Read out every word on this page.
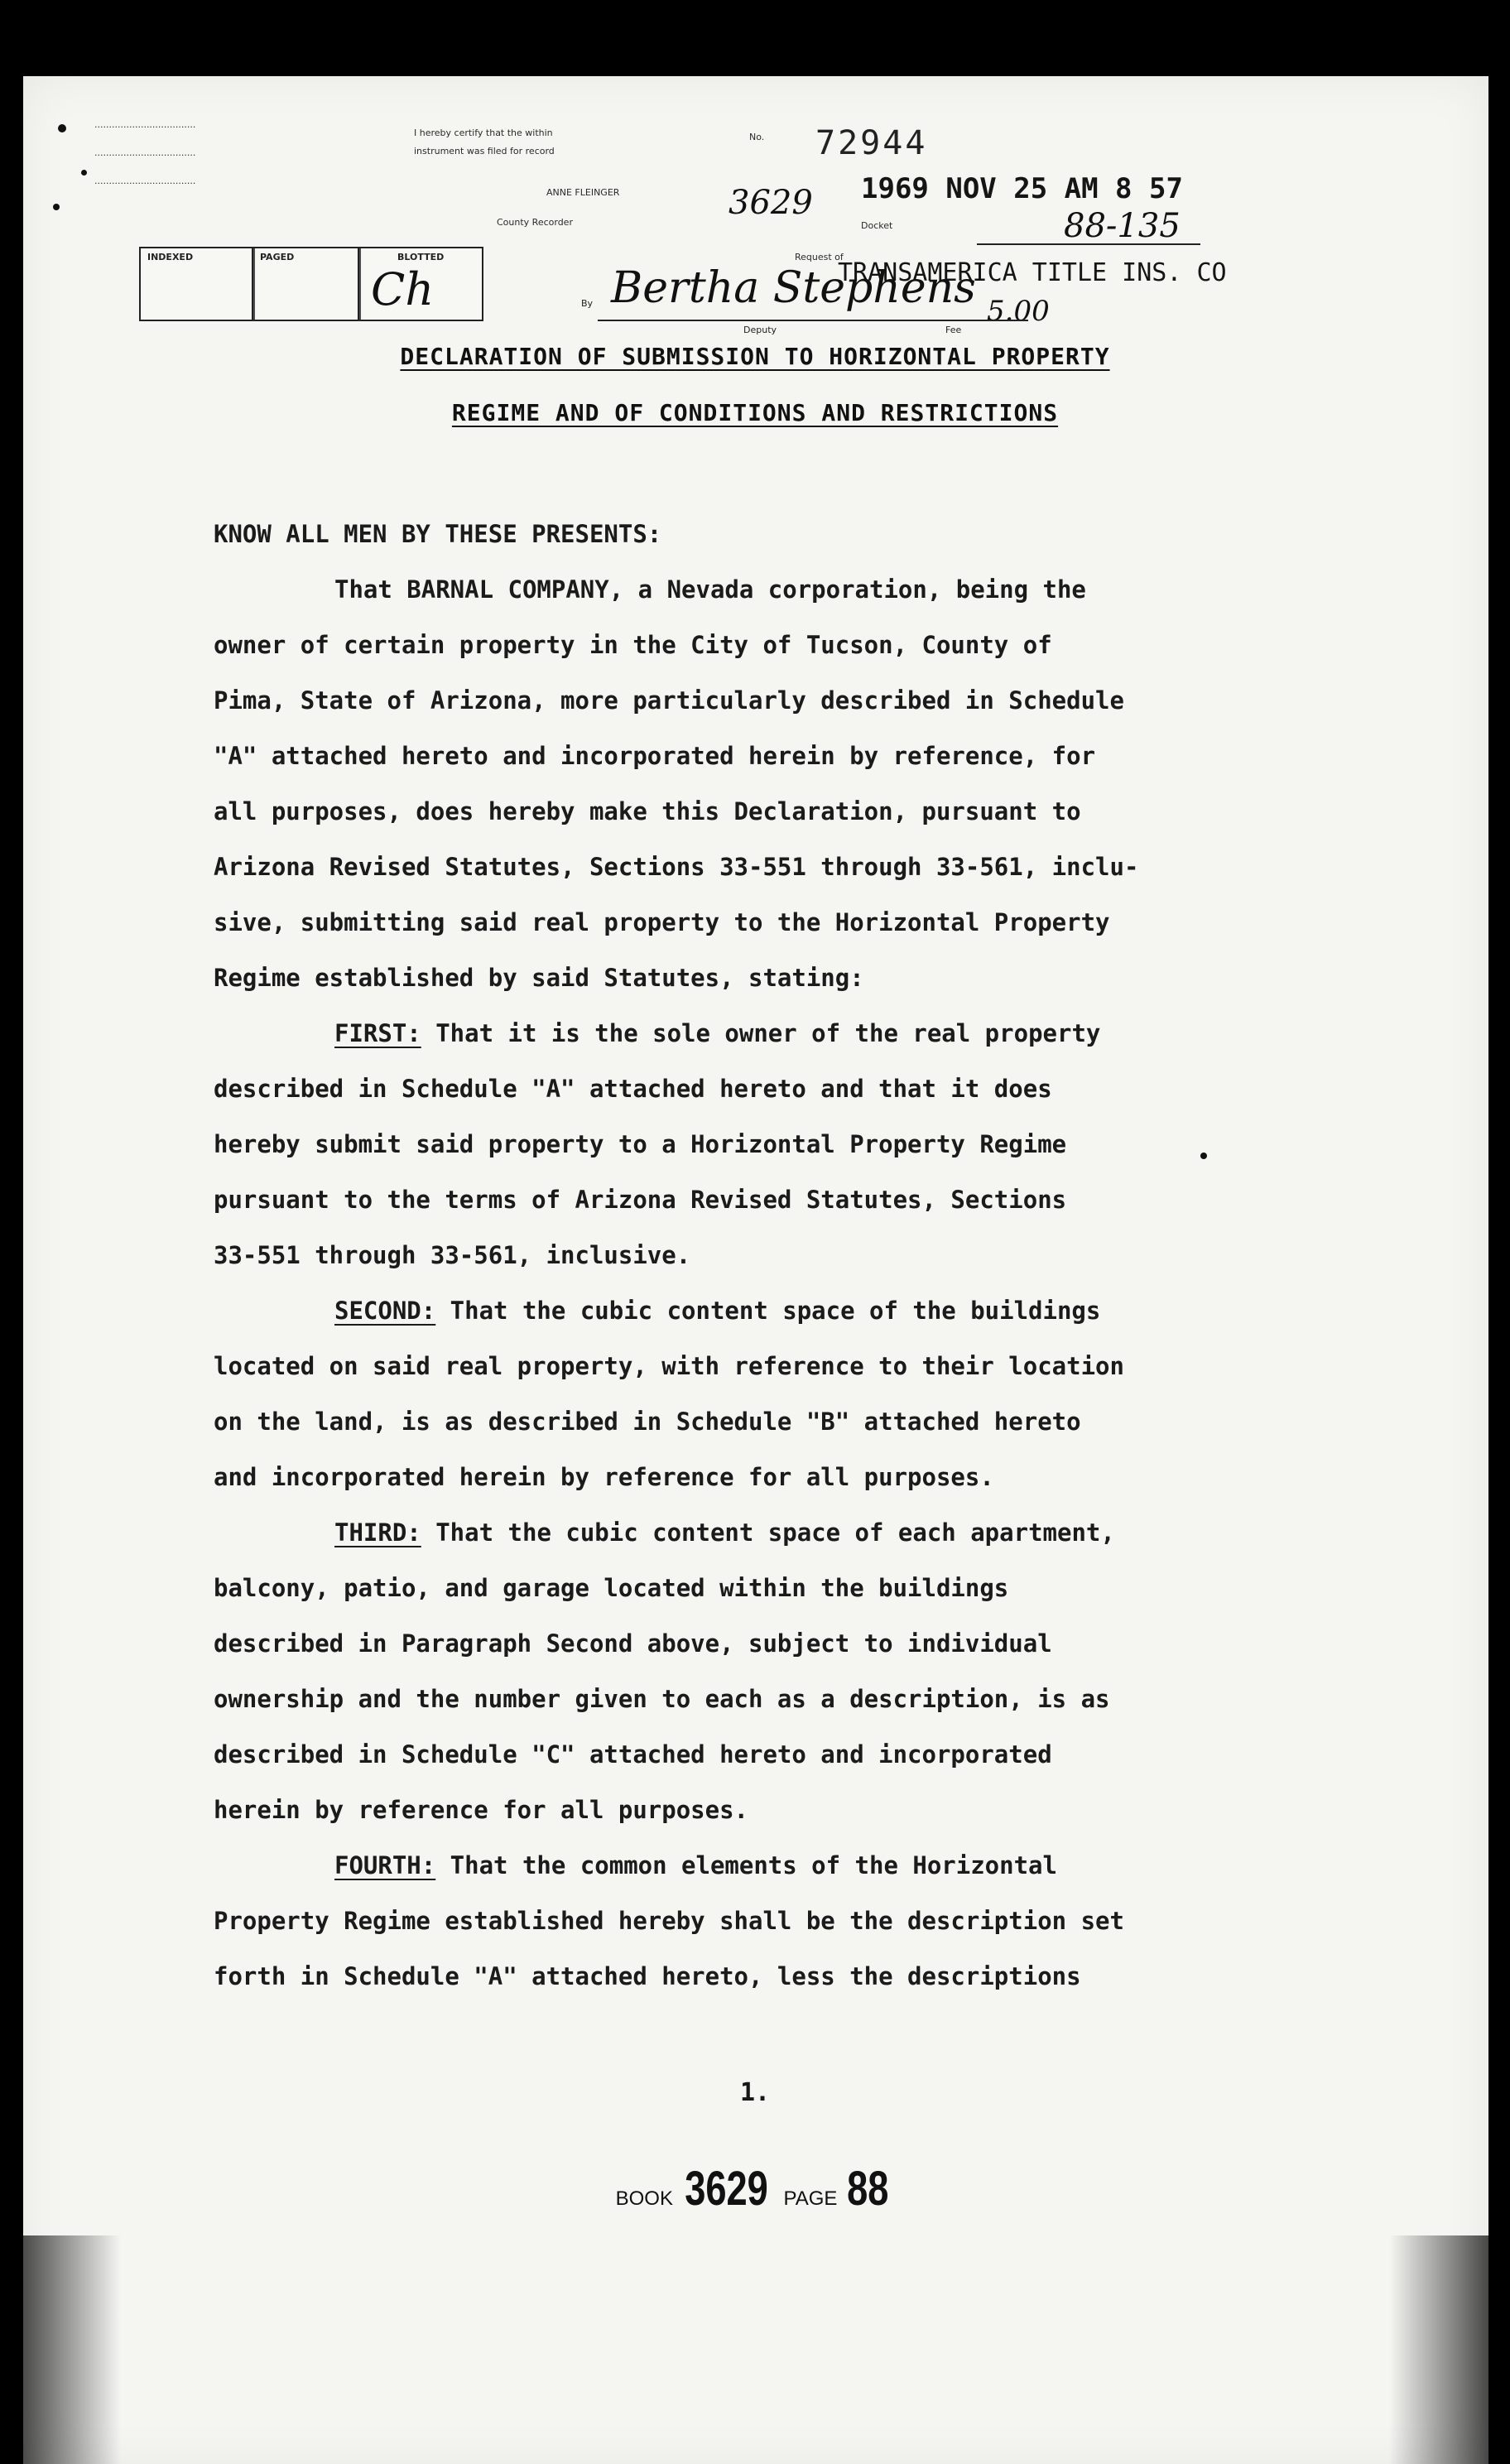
...................................
...................................
...................................
I hereby certify that the within
instrument was filed for record
ANNE FLEINGER
County Recorder
No. 72944
3629 1969 NOV 25 AM 8 57
Docket	88-135
Request of
TRANSAMERICA TITLE INS. CO
INDEXED	PAGED	BLOTTED
Ch	By Bertha Stephens 5.00
Deputy	Fee
DECLARATION OF SUBMISSION TO HORIZONTAL PROPERTY
REGIME AND OF CONDITIONS AND RESTRICTIONS

KNOW ALL MEN BY THESE PRESENTS:

That BARNAL COMPANY, a Nevada corporation, being the

owner of certain property in the City of Tucson, County of

Pima, State of Arizona, more particularly described in Schedule

"A" attached hereto and incorporated herein by reference, for

all purposes, does hereby make this Declaration, pursuant to

Arizona Revised Statutes, Sections 33-551 through 33-561, inclu-

sive, submitting said real property to the Horizontal Property

Regime established by said Statutes, stating:

FIRST: That it is the sole owner of the real property

described in Schedule "A" attached hereto and that it does

hereby submit said property to a Horizontal Property Regime

pursuant to the terms of Arizona Revised Statutes, Sections

33-551 through 33-561, inclusive.

SECOND: That the cubic content space of the buildings

located on said real property, with reference to their location

on the land, is as described in Schedule "B" attached hereto

and incorporated herein by reference for all purposes.

THIRD: That the cubic content space of each apartment,

balcony, patio, and garage located within the buildings

described in Paragraph Second above, subject to individual

ownership and the number given to each as a description, is as

described in Schedule "C" attached hereto and incorporated

herein by reference for all purposes.

FOURTH: That the common elements of the Horizontal

Property Regime established hereby shall be the description set

forth in Schedule "A" attached hereto, less the descriptions

1.
BOOK 3629 PAGE 88
